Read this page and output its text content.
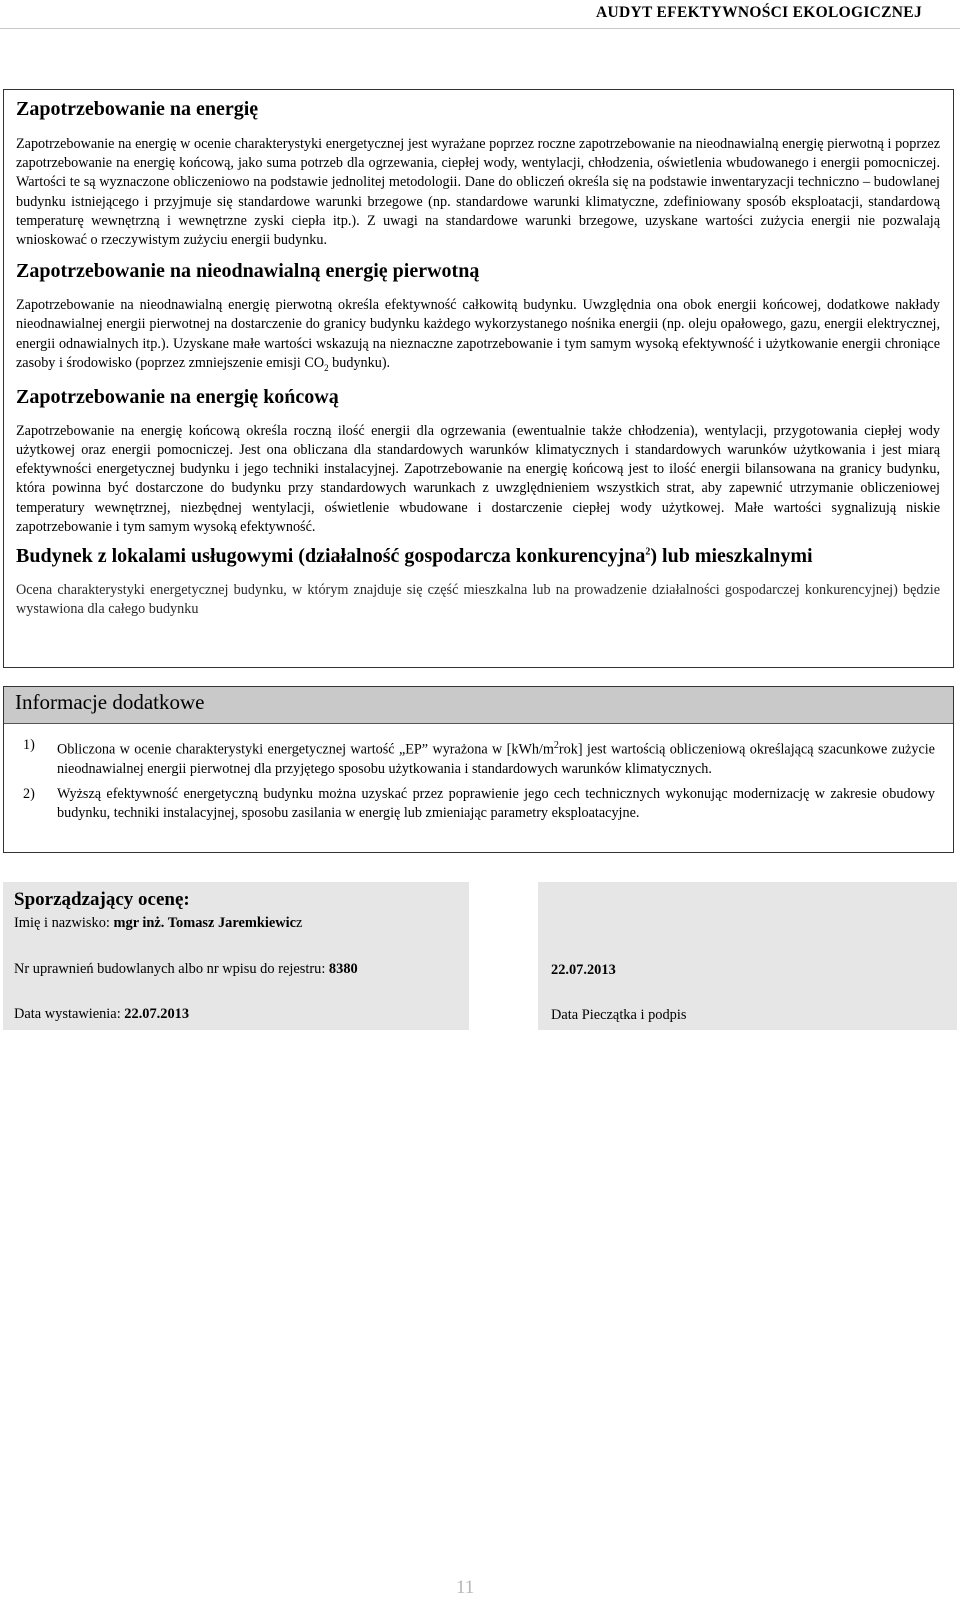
AUDYT EFEKTYWNOŚCI EKOLOGICZNEJ
Zapotrzebowanie na energię

Zapotrzebowanie na energię w ocenie charakterystyki energetycznej jest wyrażane poprzez roczne zapotrzebowanie na nieodnawialną energię pierwotną i poprzez zapotrzebowanie na energię końcową, jako suma potrzeb dla ogrzewania, ciepłej wody, wentylacji, chłodzenia, oświetlenia wbudowanego i energii pomocniczej. Wartości te są wyznaczone obliczeniowo na podstawie jednolitej metodologii. Dane do obliczeń określa się na podstawie inwentaryzacji techniczno – budowlanej budynku istniejącego i przyjmuje się standardowe warunki brzegowe (np. standardowe warunki klimatyczne, zdefiniowany sposób eksploatacji, standardową temperaturę wewnętrzną i wewnętrzne zyski ciepła itp.). Z uwagi na standardowe warunki brzegowe, uzyskane wartości zużycia energii nie pozwalają wnioskować o rzeczywistym zużyciu energii budynku.

Zapotrzebowanie na nieodnawialną energię pierwotną

Zapotrzebowanie na nieodnawialną energię pierwotną określa efektywność całkowitą budynku. Uwzględnia ona obok energii końcowej, dodatkowe nakłady nieodnawialnej energii pierwotnej na dostarczenie do granicy budynku każdego wykorzystanego nośnika energii (np. oleju opałowego, gazu, energii elektrycznej, energii odnawialnych itp.). Uzyskane małe wartości wskazują na nieznaczne zapotrzebowanie i tym samym wysoką efektywność i użytkowanie energii chroniące zasoby i środowisko (poprzez zmniejszenie emisji $CO_2$ budynku).

Zapotrzebowanie na energię końcową

Zapotrzebowanie na energię końcową określa roczną ilość energii dla ogrzewania (ewentualnie także chłodzenia), wentylacji, przygotowania ciepłej wody użytkowej oraz energii pomocniczej. Jest ona obliczana dla standardowych warunków klimatycznych i standardowych warunków użytkowania i jest miarą efektywności energetycznej budynku i jego techniki instalacyjnej. Zapotrzebowanie na energię końcową jest to ilość energii bilansowana na granicy budynku, która powinna być dostarczone do budynku przy standardowych warunkach z uwzględnieniem wszystkich strat, aby zapewnić utrzymanie obliczeniowej temperatury wewnętrznej, niezbędnej wentylacji, oświetlenie wbudowane i dostarczenie ciepłej wody użytkowej. Małe wartości sygnalizują niskie zapotrzebowanie i tym samym wysoką efektywność.

Budynek z lokalami usługowymi (działalność gospodarcza konkurencyjna$^2$) lub mieszkalnymi

Ocena charakterystyki energetycznej budynku, w którym znajduje się część mieszkalna lub na prowadzenie działalności gospodarczej konkurencyjnej) będzie wystawiona dla całego budynku

Informacje dodatkowe
1) Obliczona w ocenie charakterystyki energetycznej wartość „EP” wyrażona w $[kWh/m^2rok]$ jest wartością obliczeniową określającą szacunkowe zużycie nieodnawialnej energii pierwotnej dla przyjętego sposobu użytkowania i standardowych warunków klimatycznych.
2) Wyższą efektywność energetyczną budynku można uzyskać przez poprawienie jego cech technicznych wykonując modernizację w zakresie obudowy budynku, techniki instalacyjnej, sposobu zasilania w energię lub zmieniając parametry eksploatacyjne.
Sporządzający ocenę:
Imię i nazwisko: mgr inż. Tomasz Jaremkiewicz
Nr uprawnień budowlanych albo nr wpisu do rejestru: 8380
Data wystawienia: 22.07.2013
22.07.2013
Data Pieczątka i podpis
11
